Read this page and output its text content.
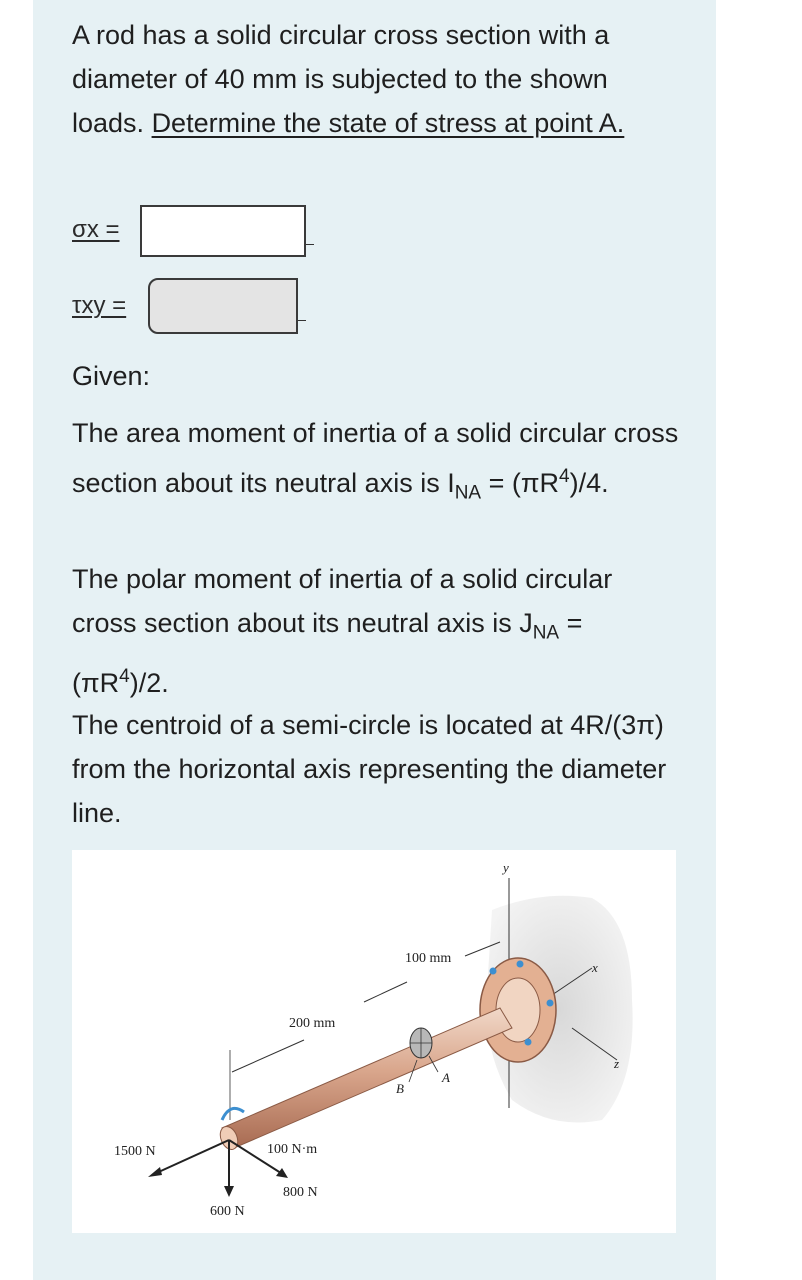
A rod has a solid circular cross section with a diameter of 40 mm is subjected to the shown loads. Determine the state of stress at point A.

σx =
τxy =

Given:

The area moment of inertia of a solid circular cross section about its neutral axis is $I_{NA} = (\pi R^4)/4$.

The polar moment of inertia of a solid circular cross section about its neutral axis is $J_{NA} = (\pi R^4)/2$.

The centroid of a semi-circle is located at 4R/(3π) from the horizontal axis representing the diameter line.

y
x
z
B
A
200 mm
100 mm
100 N·m
1500 N
600 N
800 N
